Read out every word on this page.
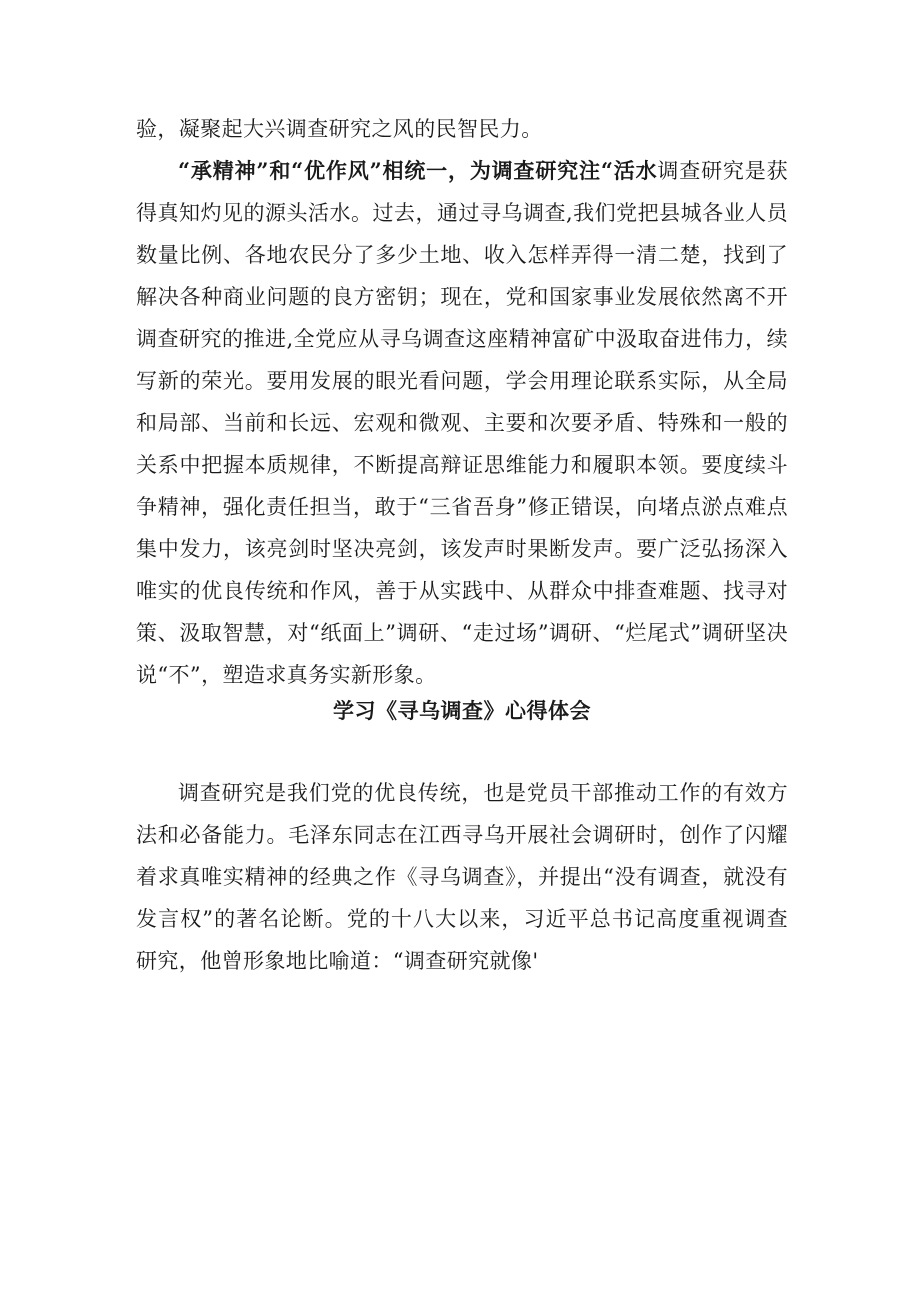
验，凝聚起大兴调查研究之风的民智民力。

“承精神”和“优作风”相统一，为调查研究注“活水调查研究是获得真知灼见的源头活水。过去，通过寻乌调查,我们党把县城各业人员数量比例、各地农民分了多少土地、收入怎样弄得一清二楚，找到了解决各种商业问题的良方密钥；现在，党和国家事业发展依然离不开调查研究的推进,全党应从寻乌调查这座精神富矿中汲取奋进伟力，续写新的荣光。要用发展的眼光看问题，学会用理论联系实际，从全局和局部、当前和长远、宏观和微观、主要和次要矛盾、特殊和一般的关系中把握本质规律，不断提高辩证思维能力和履职本领。要度续斗争精神，强化责任担当，敢于“三省吾身”修正错误，向堵点淤点难点集中发力，该亮剑时坚决亮剑，该发声时果断发声。要广泛弘扬深入唯实的优良传统和作风，善于从实践中、从群众中排查难题、找寻对策、汲取智慧，对“纸面上”调研、“走过场”调研、“烂尾式”调研坚决说“不”，塑造求真务实新形象。

学习《寻乌调查》心得体会

调查研究是我们党的优良传统，也是党员干部推动工作的有效方法和必备能力。毛泽东同志在江西寻乌开展社会调研时，创作了闪耀着求真唯实精神的经典之作《寻乌调查》，并提出“没有调查，就没有发言权”的著名论断。党的十八大以来，习近平总书记高度重视调查研究，他曾形象地比喻道：“调查研究就像'
